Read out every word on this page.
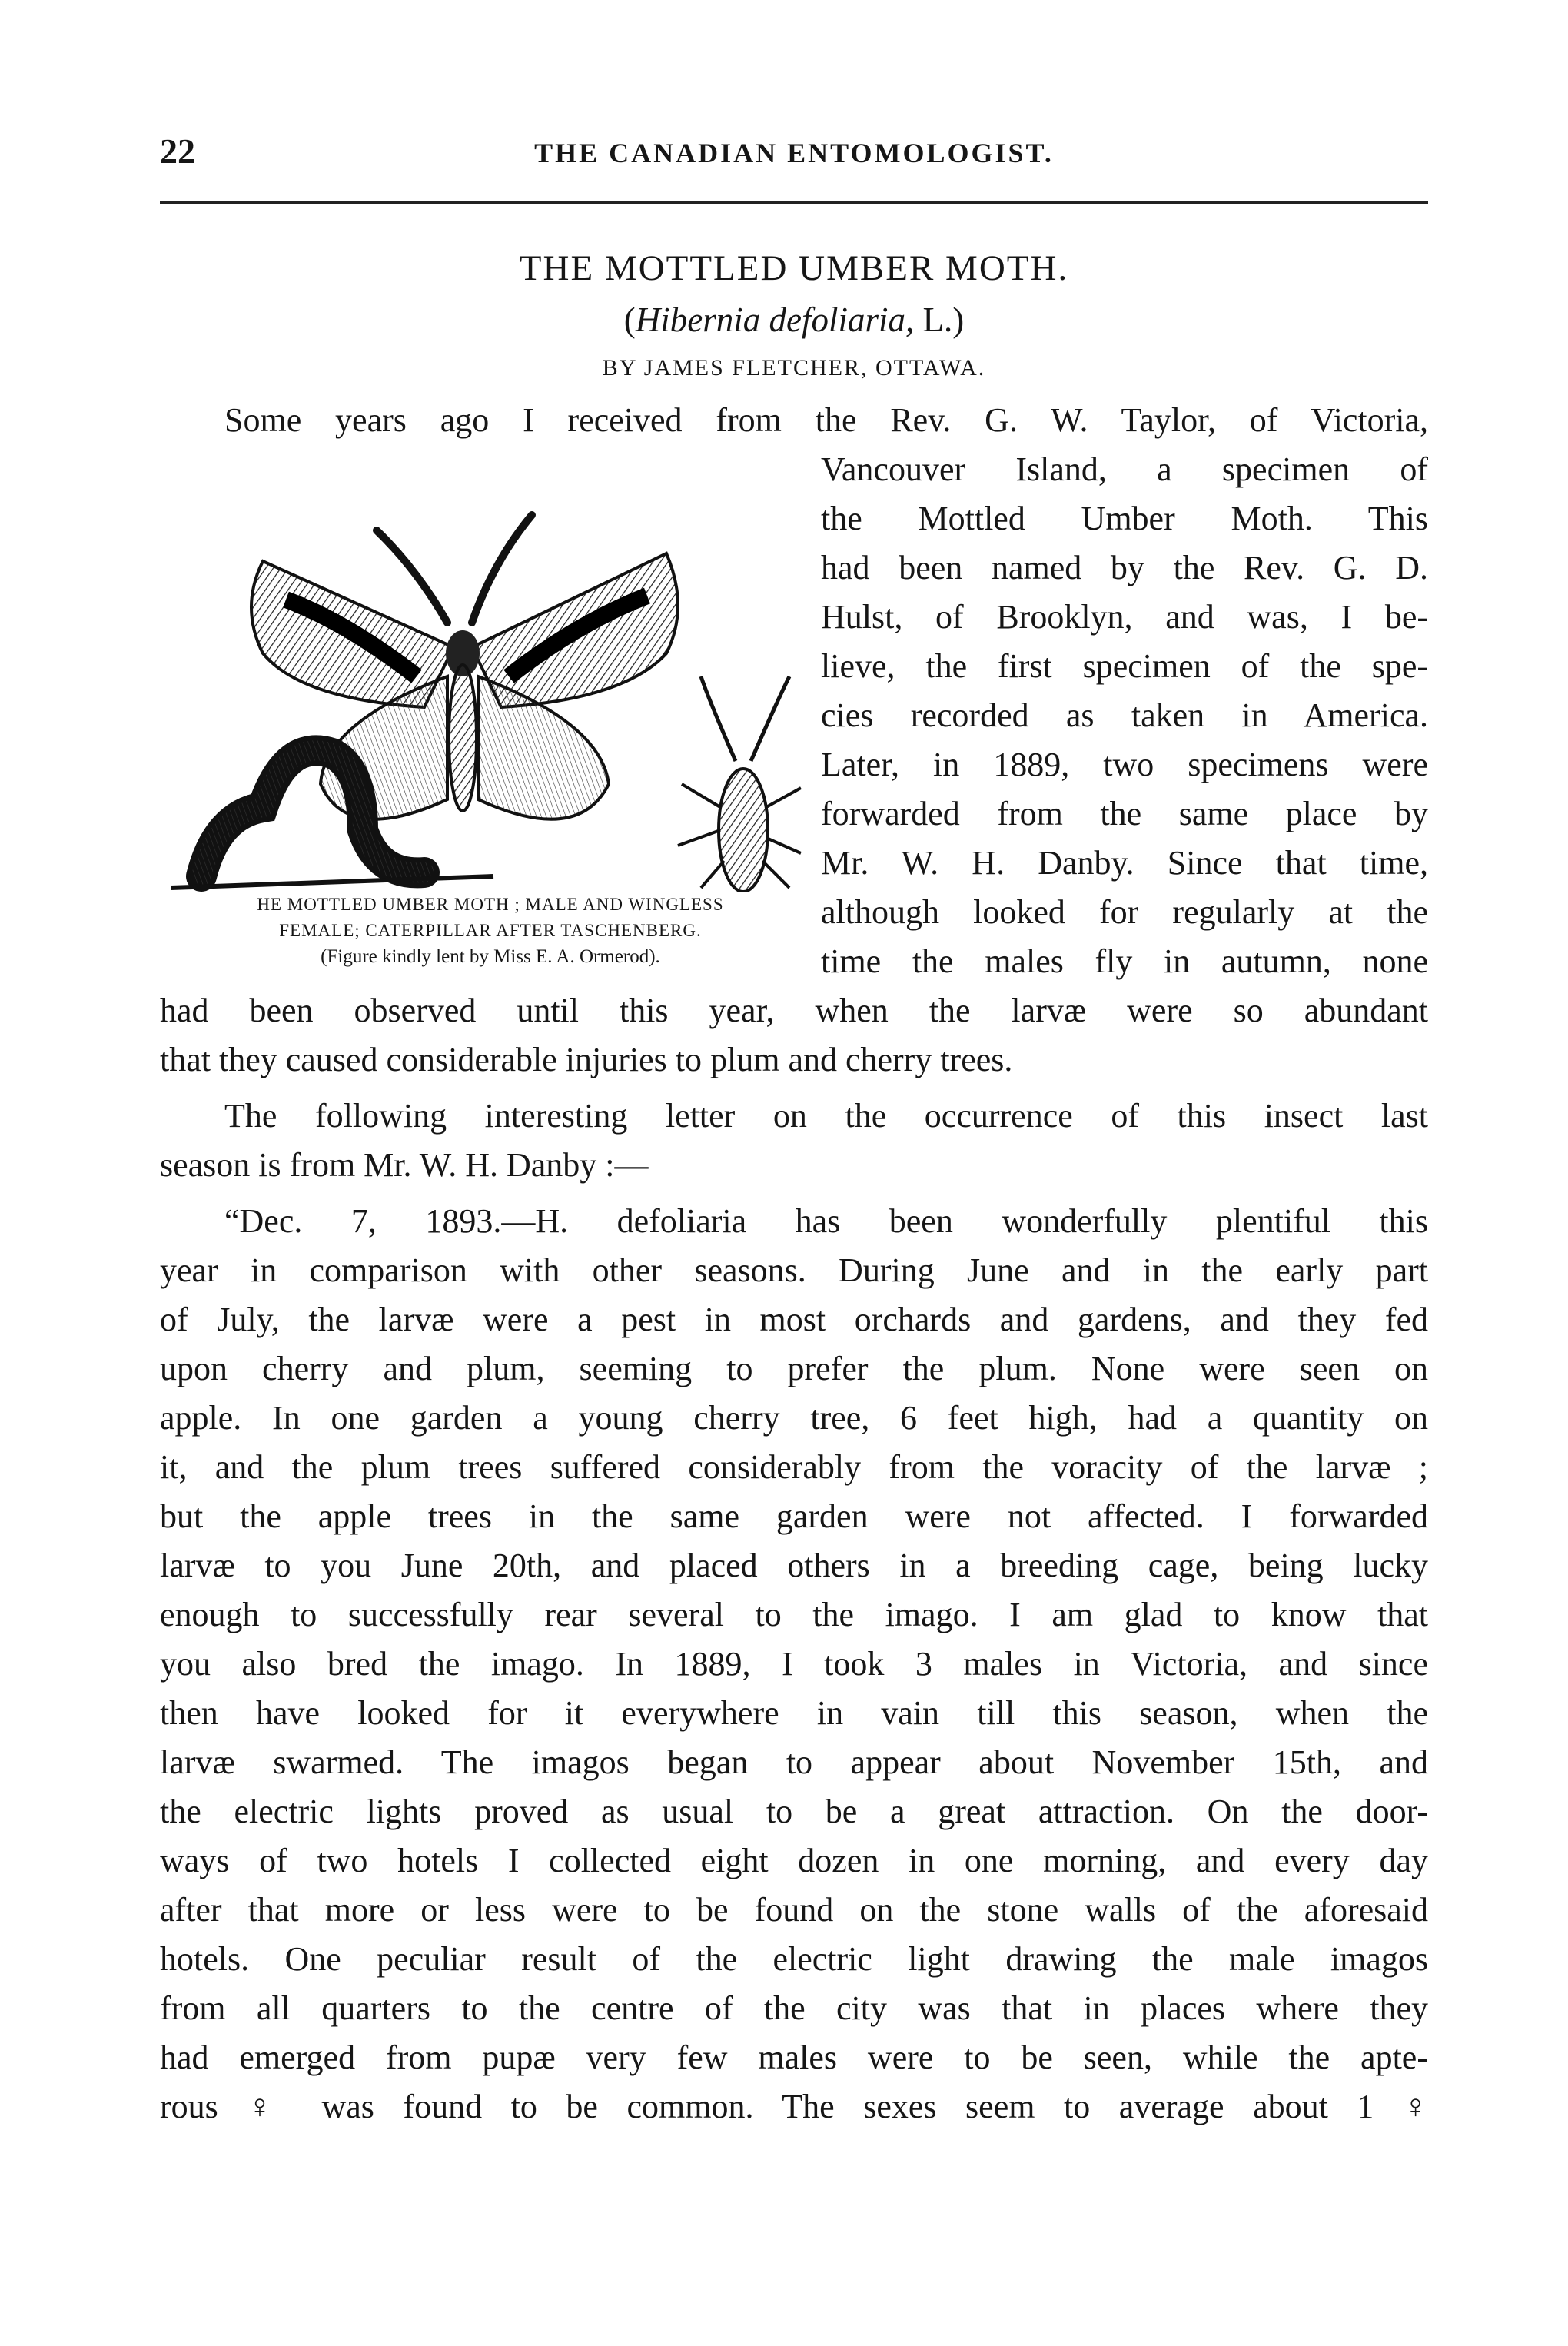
22	THE CANADIAN ENTOMOLOGIST.
THE MOTTLED UMBER MOTH.
(Hibernia defoliaria, L.)
BY JAMES FLETCHER, OTTAWA.
Some years ago I received from the Rev. G. W. Taylor, of Victoria,
HE MOTTLED UMBER MOTH ; MALE AND WINGLESS
FEMALE; CATERPILLAR AFTER TASCHENBERG.
(Figure kindly lent by Miss E. A. Ormerod).
Vancouver Island, a specimen of
the Mottled Umber Moth. This
had been named by the Rev. G. D.
Hulst, of Brooklyn, and was, I be-
lieve, the first specimen of the spe-
cies recorded as taken in America.
Later, in 1889, two specimens were
forwarded from the same place by
Mr. W. H. Danby. Since that time,
although looked for regularly at the
time the males fly in autumn, none
had been observed until this year, when the larvæ were so abundant
that they caused considerable injuries to plum and cherry trees.
The following interesting letter on the occurrence of this insect last
season is from Mr. W. H. Danby :—
“Dec. 7, 1893.—H. defoliaria has been wonderfully plentiful this
year in comparison with other seasons. During June and in the early part
of July, the larvæ were a pest in most orchards and gardens, and they fed
upon cherry and plum, seeming to prefer the plum. None were seen on
apple. In one garden a young cherry tree, 6 feet high, had a quantity on
it, and the plum trees suffered considerably from the voracity of the larvæ ;
but the apple trees in the same garden were not affected. I forwarded
larvæ to you June 20th, and placed others in a breeding cage, being lucky
enough to successfully rear several to the imago. I am glad to know that
you also bred the imago. In 1889, I took 3 males in Victoria, and since
then have looked for it everywhere in vain till this season, when the
larvæ swarmed. The imagos began to appear about November 15th, and
the electric lights proved as usual to be a great attraction. On the door-
ways of two hotels I collected eight dozen in one morning, and every day
after that more or less were to be found on the stone walls of the aforesaid
hotels. One peculiar result of the electric light drawing the male imagos
from all quarters to the centre of the city was that in places where they
had emerged from pupæ very few males were to be seen, while the apte-
rous ♀ was found to be common. The sexes seem to average about 1 ♀
